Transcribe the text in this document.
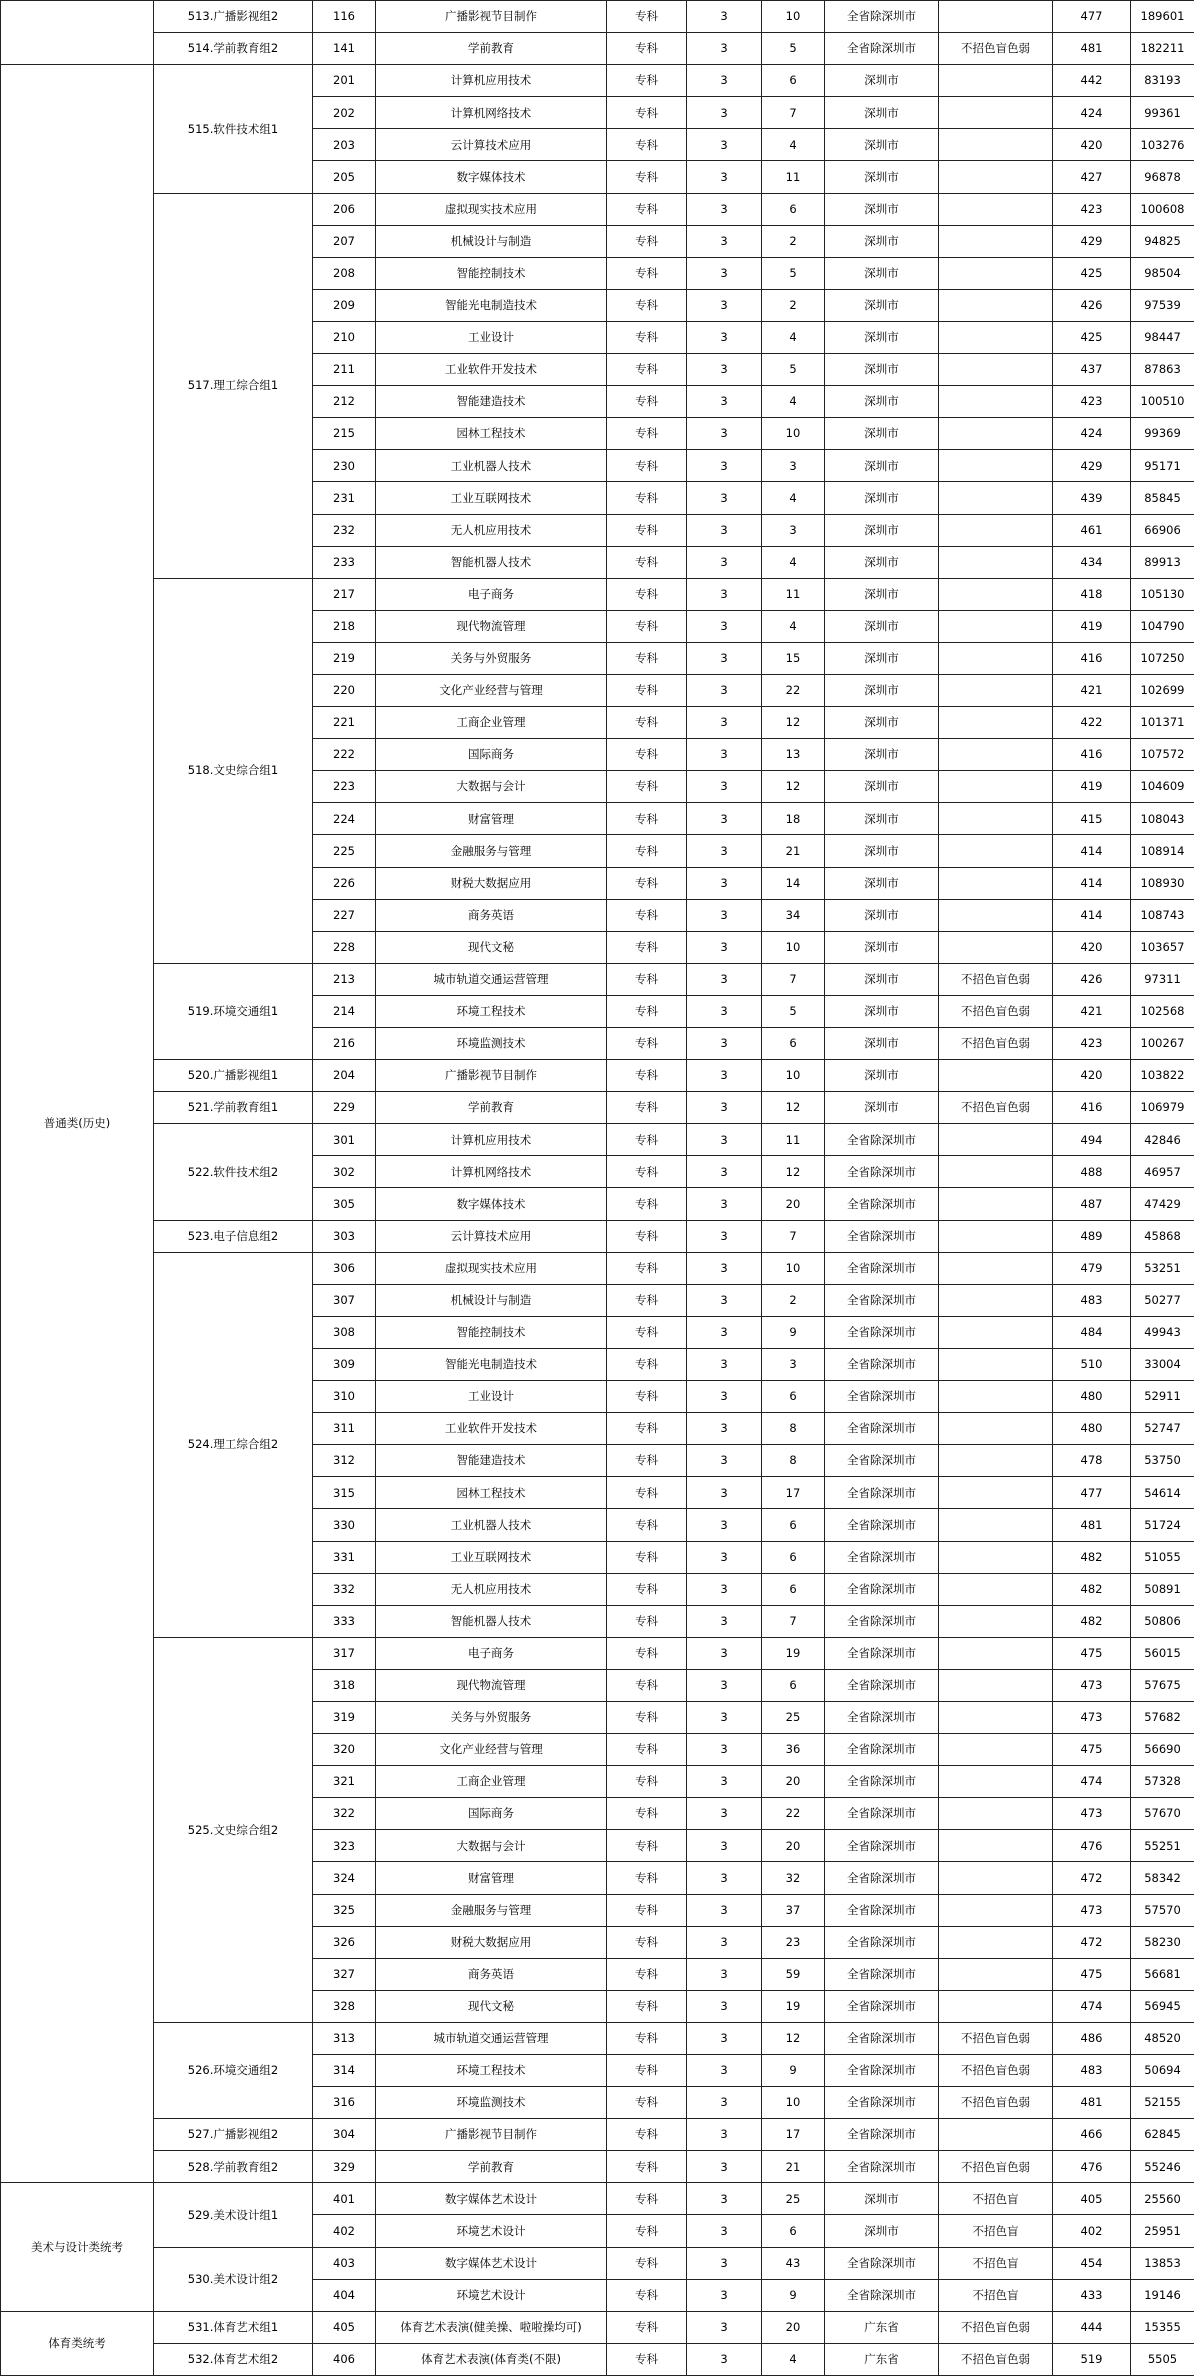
	513.广播影视组2	116	广播影视节目制作	专科	3	10	全省除深圳市		477	189601
	514.学前教育组2	141	学前教育	专科	3	5	全省除深圳市	不招色盲色弱	481	182211
普通类(历史)	515.软件技术组1	201	计算机应用技术	专科	3	6	深圳市		442	83193
		202	计算机网络技术	专科	3	7	深圳市		424	99361
		203	云计算技术应用	专科	3	4	深圳市		420	103276
		205	数字媒体技术	专科	3	11	深圳市		427	96878
	517.理工综合组1	206	虚拟现实技术应用	专科	3	6	深圳市		423	100608
		207	机械设计与制造	专科	3	2	深圳市		429	94825
		208	智能控制技术	专科	3	5	深圳市		425	98504
		209	智能光电制造技术	专科	3	2	深圳市		426	97539
		210	工业设计	专科	3	4	深圳市		425	98447
		211	工业软件开发技术	专科	3	5	深圳市		437	87863
		212	智能建造技术	专科	3	4	深圳市		423	100510
		215	园林工程技术	专科	3	10	深圳市		424	99369
		230	工业机器人技术	专科	3	3	深圳市		429	95171
		231	工业互联网技术	专科	3	4	深圳市		439	85845
		232	无人机应用技术	专科	3	3	深圳市		461	66906
		233	智能机器人技术	专科	3	4	深圳市		434	89913
	518.文史综合组1	217	电子商务	专科	3	11	深圳市		418	105130
		218	现代物流管理	专科	3	4	深圳市		419	104790
		219	关务与外贸服务	专科	3	15	深圳市		416	107250
		220	文化产业经营与管理	专科	3	22	深圳市		421	102699
		221	工商企业管理	专科	3	12	深圳市		422	101371
		222	国际商务	专科	3	13	深圳市		416	107572
		223	大数据与会计	专科	3	12	深圳市		419	104609
		224	财富管理	专科	3	18	深圳市		415	108043
		225	金融服务与管理	专科	3	21	深圳市		414	108914
		226	财税大数据应用	专科	3	14	深圳市		414	108930
		227	商务英语	专科	3	34	深圳市		414	108743
		228	现代文秘	专科	3	10	深圳市		420	103657
	519.环境交通组1	213	城市轨道交通运营管理	专科	3	7	深圳市	不招色盲色弱	426	97311
		214	环境工程技术	专科	3	5	深圳市	不招色盲色弱	421	102568
		216	环境监测技术	专科	3	6	深圳市	不招色盲色弱	423	100267
	520.广播影视组1	204	广播影视节目制作	专科	3	10	深圳市		420	103822
	521.学前教育组1	229	学前教育	专科	3	12	深圳市	不招色盲色弱	416	106979
	522.软件技术组2	301	计算机应用技术	专科	3	11	全省除深圳市		494	42846
		302	计算机网络技术	专科	3	12	全省除深圳市		488	46957
		305	数字媒体技术	专科	3	20	全省除深圳市		487	47429
	523.电子信息组2	303	云计算技术应用	专科	3	7	全省除深圳市		489	45868
	524.理工综合组2	306	虚拟现实技术应用	专科	3	10	全省除深圳市		479	53251
		307	机械设计与制造	专科	3	2	全省除深圳市		483	50277
		308	智能控制技术	专科	3	9	全省除深圳市		484	49943
		309	智能光电制造技术	专科	3	3	全省除深圳市		510	33004
		310	工业设计	专科	3	6	全省除深圳市		480	52911
		311	工业软件开发技术	专科	3	8	全省除深圳市		480	52747
		312	智能建造技术	专科	3	8	全省除深圳市		478	53750
		315	园林工程技术	专科	3	17	全省除深圳市		477	54614
		330	工业机器人技术	专科	3	6	全省除深圳市		481	51724
		331	工业互联网技术	专科	3	6	全省除深圳市		482	51055
		332	无人机应用技术	专科	3	6	全省除深圳市		482	50891
		333	智能机器人技术	专科	3	7	全省除深圳市		482	50806
	525.文史综合组2	317	电子商务	专科	3	19	全省除深圳市		475	56015
		318	现代物流管理	专科	3	6	全省除深圳市		473	57675
		319	关务与外贸服务	专科	3	25	全省除深圳市		473	57682
		320	文化产业经营与管理	专科	3	36	全省除深圳市		475	56690
		321	工商企业管理	专科	3	20	全省除深圳市		474	57328
		322	国际商务	专科	3	22	全省除深圳市		473	57670
		323	大数据与会计	专科	3	20	全省除深圳市		476	55251
		324	财富管理	专科	3	32	全省除深圳市		472	58342
		325	金融服务与管理	专科	3	37	全省除深圳市		473	57570
		326	财税大数据应用	专科	3	23	全省除深圳市		472	58230
		327	商务英语	专科	3	59	全省除深圳市		475	56681
		328	现代文秘	专科	3	19	全省除深圳市		474	56945
	526.环境交通组2	313	城市轨道交通运营管理	专科	3	12	全省除深圳市	不招色盲色弱	486	48520
		314	环境工程技术	专科	3	9	全省除深圳市	不招色盲色弱	483	50694
		316	环境监测技术	专科	3	10	全省除深圳市	不招色盲色弱	481	52155
	527.广播影视组2	304	广播影视节目制作	专科	3	17	全省除深圳市		466	62845
	528.学前教育组2	329	学前教育	专科	3	21	全省除深圳市	不招色盲色弱	476	55246
美术与设计类统考	529.美术设计组1	401	数字媒体艺术设计	专科	3	25	深圳市	不招色盲	405	25560
		402	环境艺术设计	专科	3	6	深圳市	不招色盲	402	25951
	530.美术设计组2	403	数字媒体艺术设计	专科	3	43	全省除深圳市	不招色盲	454	13853
		404	环境艺术设计	专科	3	9	全省除深圳市	不招色盲	433	19146
体育类统考	531.体育艺术组1	405	体育艺术表演(健美操、啦啦操均可)	专科	3	20	广东省	不招色盲色弱	444	15355
	532.体育艺术组2	406	体育艺术表演(体育类(不限)	专科	3	4	广东省	不招色盲色弱	519	5505
